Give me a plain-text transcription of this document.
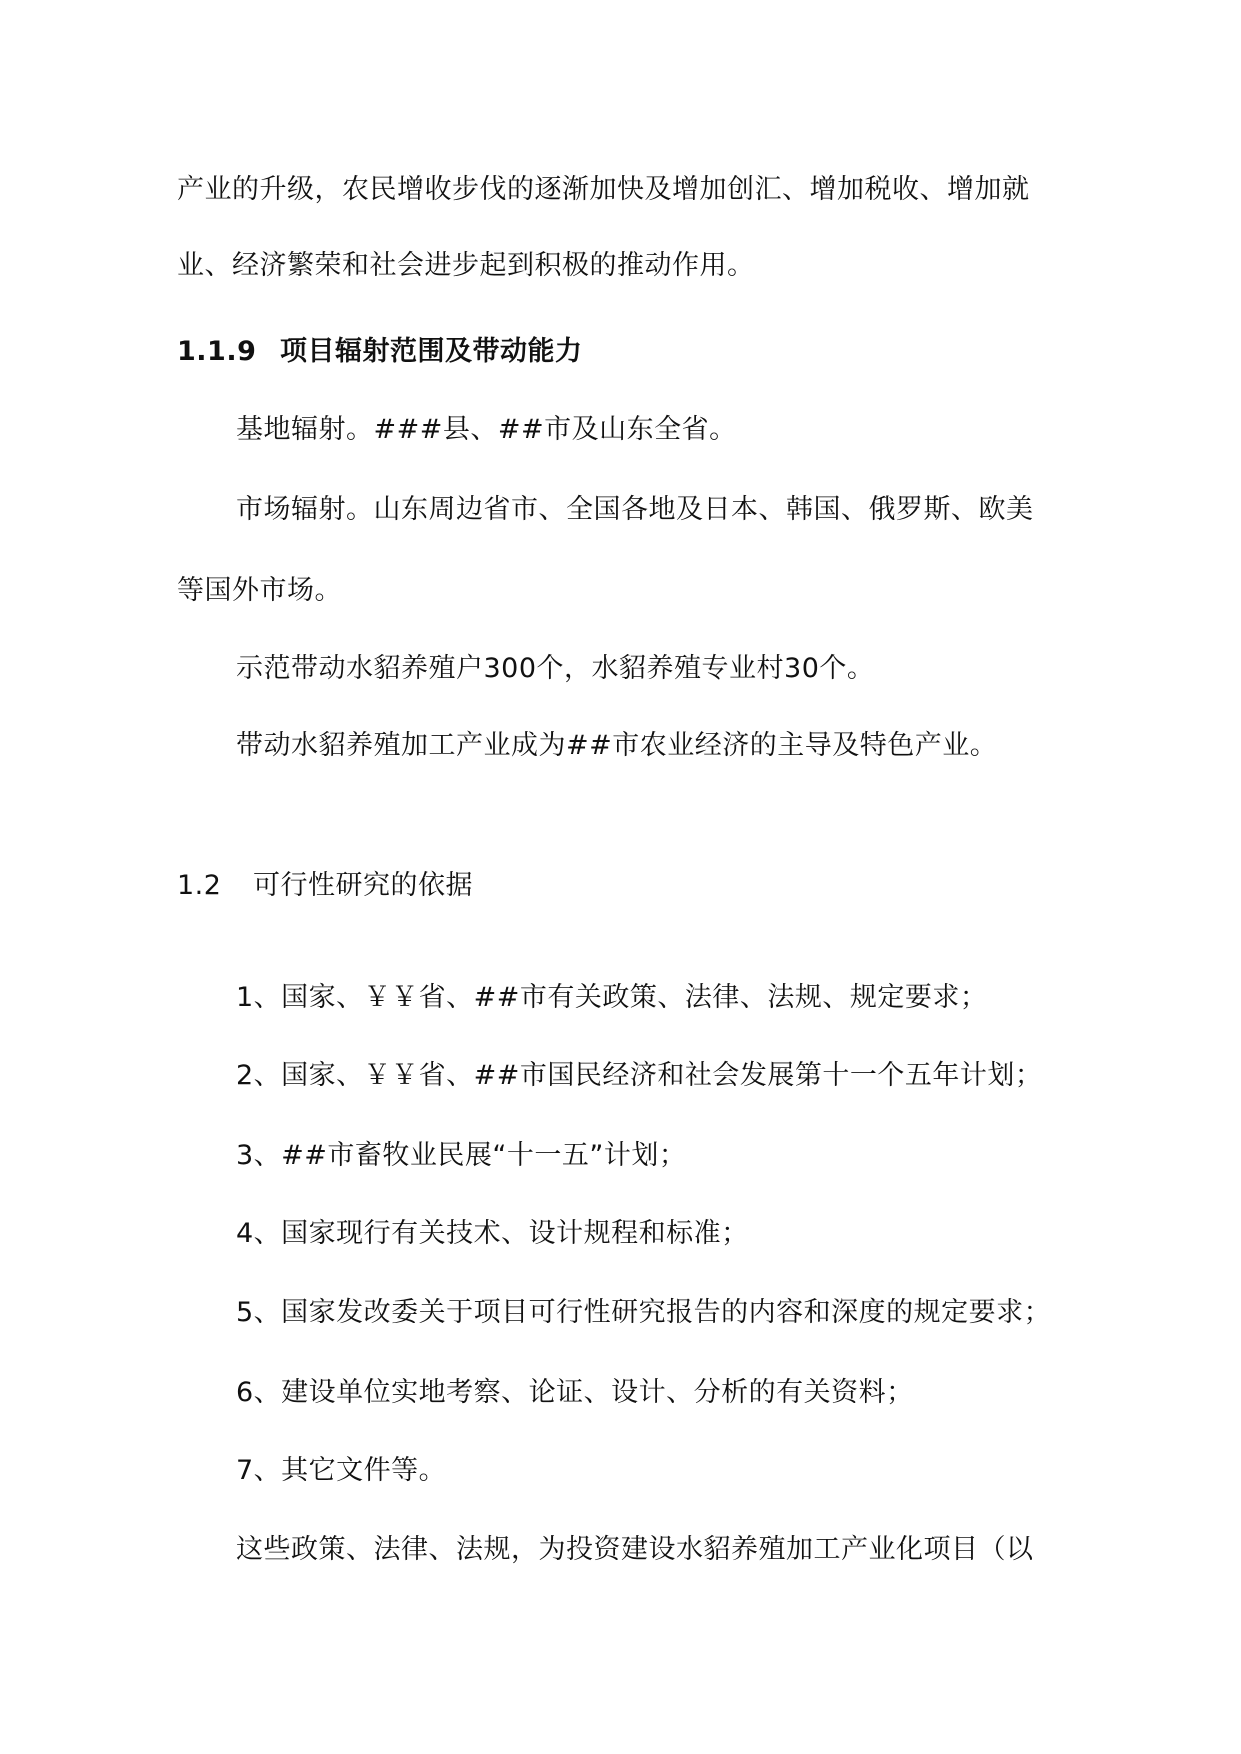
产业的升级，农民增收步伐的逐渐加快及增加创汇、增加税收、增加就
业、经济繁荣和社会进步起到积极的推动作用。
1.1.9 项目辐射范围及带动能力
基地辐射。###县、##市及山东全省。
市场辐射。山东周边省市、全国各地及日本、韩国、俄罗斯、欧美
等国外市场。
示范带动水貂养殖户300个，水貂养殖专业村30个。
带动水貂养殖加工产业成为##市农业经济的主导及特色产业。
1.2 可行性研究的依据
1、国家、￥￥省、##市有关政策、法律、法规、规定要求；
2、国家、￥￥省、##市国民经济和社会发展第十一个五年计划；
3、##市畜牧业民展“十一五”计划；
4、国家现行有关技术、设计规程和标准；
5、国家发改委关于项目可行性研究报告的内容和深度的规定要求；
6、建设单位实地考察、论证、设计、分析的有关资料；
7、其它文件等。
这些政策、法律、法规，为投资建设水貂养殖加工产业化项目（以
